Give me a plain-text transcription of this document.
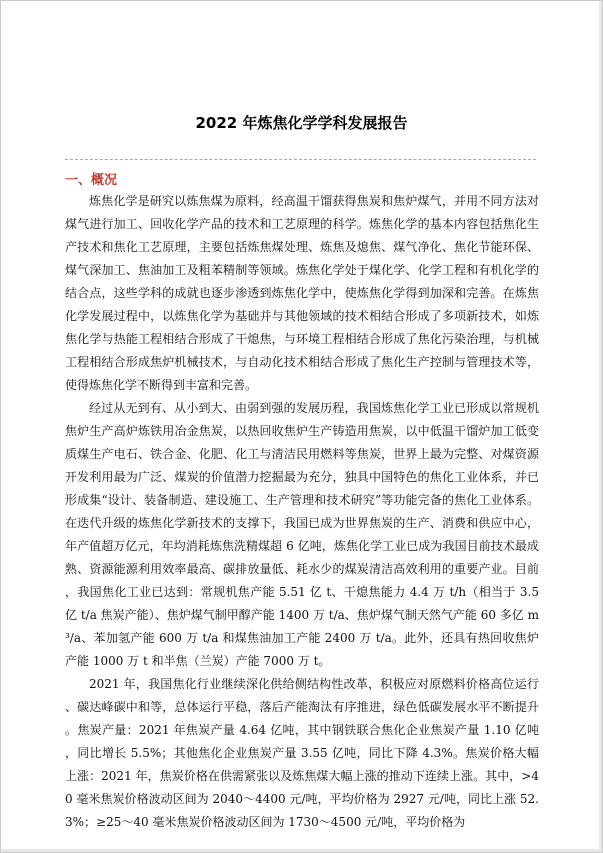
2022 年炼焦化学学科发展报告
一、概况

炼焦化学是研究以炼焦煤为原料，经高温干馏获得焦炭和焦炉煤气，并用不同方法对煤气进行加工、回收化学产品的技术和工艺原理的科学。炼焦化学的基本内容包括焦化生产技术和焦化工艺原理，主要包括炼焦煤处理、炼焦及熄焦、煤气净化、焦化节能环保、煤气深加工、焦油加工及粗苯精制等领域。炼焦化学处于煤化学、化学工程和有机化学的结合点，这些学科的成就也逐步渗透到炼焦化学中，使炼焦化学得到加深和完善。在炼焦化学发展过程中，以炼焦化学为基础并与其他领域的技术相结合形成了多项新技术，如炼焦化学与热能工程相结合形成了干熄焦，与环境工程相结合形成了焦化污染治理，与机械工程相结合形成焦炉机械技术，与自动化技术相结合形成了焦化生产控制与管理技术等，使得炼焦化学不断得到丰富和完善。

经过从无到有、从小到大、由弱到强的发展历程，我国炼焦化学工业已形成以常规机焦炉生产高炉炼铁用冶金焦炭，以热回收焦炉生产铸造用焦炭，以中低温干馏炉加工低变质煤生产电石、铁合金、化肥、化工与清洁民用燃料等焦炭，世界上最为完整、对煤资源开发利用最为广泛、煤炭的价值潜力挖掘最为充分，独具中国特色的焦化工业体系，并已形成集“设计、装备制造、建设施工、生产管理和技术研究”等功能完备的焦化工业体系。在迭代升级的炼焦化学新技术的支撑下，我国已成为世界焦炭的生产、消费和供应中心，年产值超万亿元，年均消耗炼焦洗精煤超 6 亿吨，炼焦化学工业已成为我国目前技术最成熟、资源能源利用效率最高、碳排放量低、耗水少的煤炭清洁高效利用的重要产业。目前，我国焦化工业已达到：常规机焦产能 5.51 亿 t、干熄焦能力 4.4 万 t/h（相当于 3.5 亿 t/a 焦炭产能）、焦炉煤气制甲醇产能 1400 万 t/a、焦炉煤气制天然气产能 60 多亿 m³/a、苯加氢产能 600 万 t/a 和煤焦油加工产能 2400 万 t/a。此外，还具有热回收焦炉产能 1000 万 t 和半焦（兰炭）产能 7000 万 t。

2021 年，我国焦化行业继续深化供给侧结构性改革，积极应对原燃料价格高位运行、碳达峰碳中和等，总体运行平稳，落后产能淘汰有序推进，绿色低碳发展水平不断提升。焦炭产量：2021 年焦炭产量 4.64 亿吨，其中钢铁联合焦化企业焦炭产量 1.10 亿吨，同比增长 5.5%；其他焦化企业焦炭产量 3.55 亿吨，同比下降 4.3%。焦炭价格大幅上涨：2021 年，焦炭价格在供需紧张以及炼焦煤大幅上涨的推动下连续上涨。其中，>40 毫米焦炭价格波动区间为 2040～4400 元/吨，平均价格为 2927 元/吨，同比上涨 52.3%；≥25～40 毫米焦炭价格波动区间为 1730～4500 元/吨，平均价格为
